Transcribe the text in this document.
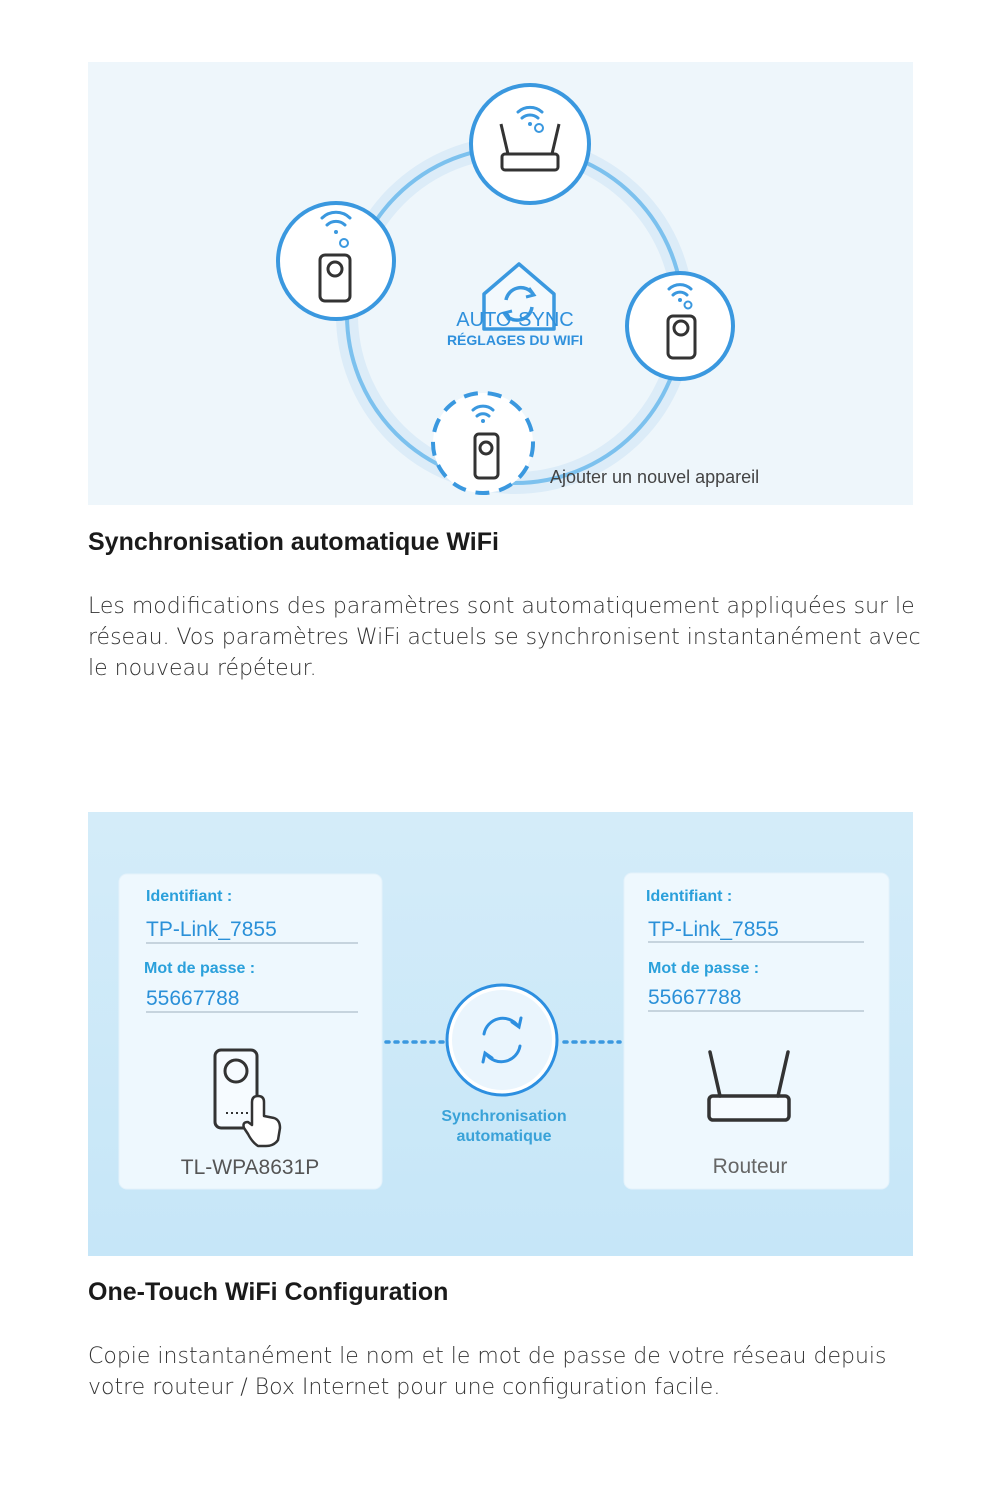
AUTO-SYNC
RÉGLAGES DU WIFI
Ajouter un nouvel appareil
Synchronisation automatique WiFi

Les modifications des paramètres sont automatiquement appliquées sur le réseau. Vos paramètres WiFi actuels se synchronisent instantanément avec le nouveau répéteur.

Identifiant :
TP-Link_7855
Mot de passe :
55667788
TL-WPA8631P
Synchronisation
automatique
Identifiant :
TP-Link_7855
Mot de passe :
55667788
Routeur
One-Touch WiFi Configuration

Copie instantanément le nom et le mot de passe de votre réseau depuis votre routeur / Box Internet pour une configuration facile.
